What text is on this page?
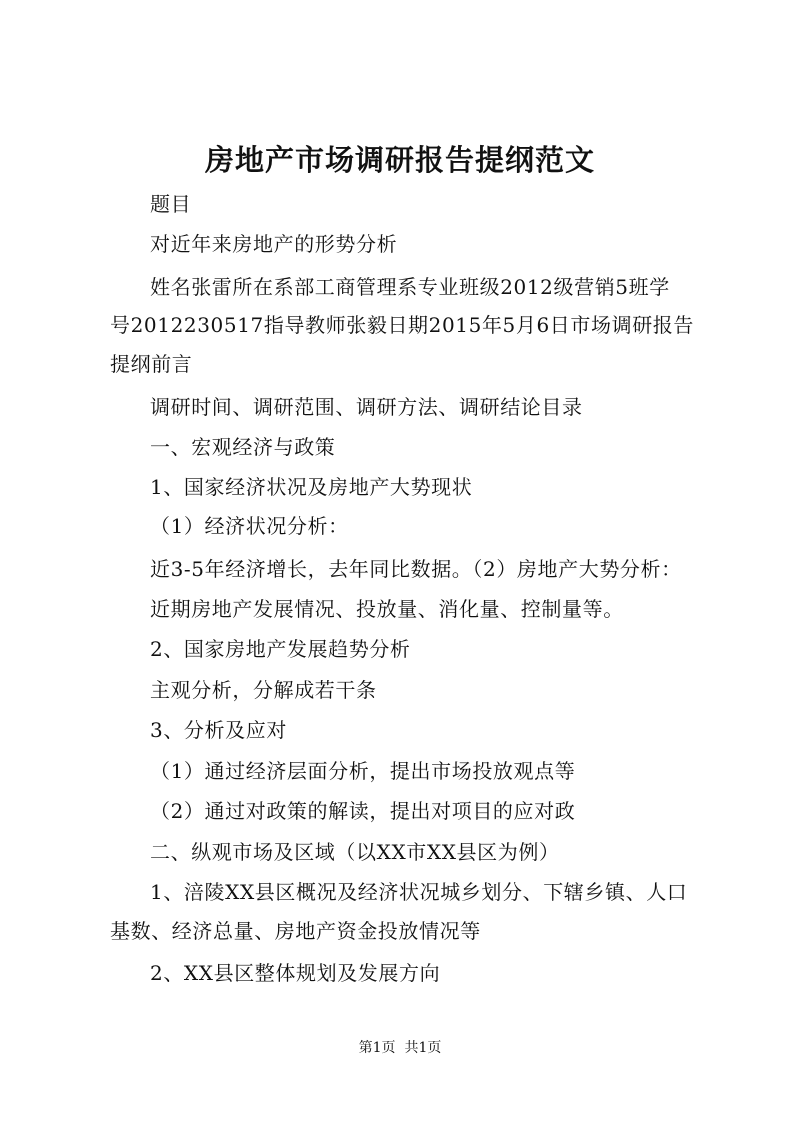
房地产市场调研报告提纲范文
题目
对近年来房地产的形势分析
姓名张雷所在系部工商管理系专业班级2012级营销5班学
号2012230517指导教师张毅日期2015年5月6日市场调研报告
提纲前言
调研时间、调研范围、调研方法、调研结论目录
一、宏观经济与政策
1、国家经济状况及房地产大势现状
（1）经济状况分析：
近3-5年经济增长，去年同比数据。（2）房地产大势分析：
近期房地产发展情况、投放量、消化量、控制量等。
2、国家房地产发展趋势分析
主观分析，分解成若干条
3、分析及应对
（1）通过经济层面分析，提出市场投放观点等
（2）通过对政策的解读，提出对项目的应对政
二、纵观市场及区域（以XX市XX县区为例）
1、涪陵XX县区概况及经济状况城乡划分、下辖乡镇、人口
基数、经济总量、房地产资金投放情况等
2、XX县区整体规划及发展方向
第1页  共1页
